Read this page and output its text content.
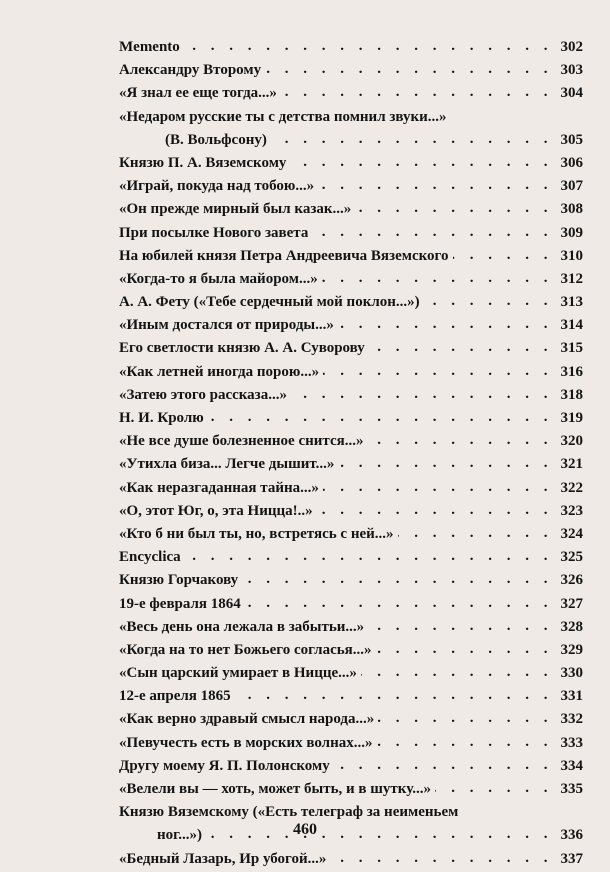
Memento . . .	302
Александру Второму . . .	303
«Я знал ее еще тогда...» . . .	304
«Недаром русские ты с детства помнил звуки...»
(В. Вольфсону) . . .	305
Князю П. А. Вяземскому . . .	306
«Играй, покуда над тобою...» . . .	307
«Он прежде мирный был казак...» . . .	308
При посылке Нового завета . . .	309
На юбилей князя Петра Андреевича Вяземского . . .	310
«Когда-то я была майором...» . . .	312
А. А. Фету («Тебе сердечный мой поклон...») . . .	313
«Иным достался от природы...» . . .	314
Его светлости князю А. А. Суворову . . .	315
«Как летней иногда порою...» . . .	316
«Затею этого рассказа...» . . .	318
Н. И. Кролю . . .	319
«Не все душе болезненное снится...» . . .	320
«Утихла биза... Легче дышит...» . . .	321
«Как неразгаданная тайна...» . . .	322
«О, этот Юг, о, эта Ницца!..» . . .	323
«Кто б ни был ты, но, встретясь с ней...» . . .	324
Encyclica . . .	325
Князю Горчакову . . .	326
19-е февраля 1864 . . .	327
«Весь день она лежала в забытьи...» . . .	328
«Когда на то нет Божьего согласья...» . . .	329
«Сын царский умирает в Ницце...» . . .	330
12-е апреля 1865 . . .	331
«Как верно здравый смысл народа...» . . .	332
«Певучесть есть в морских волнах...» . . .	333
Другу моему Я. П. Полонскому . . .	334
«Велели вы — хоть, может быть, и в шутку...» . . .	335
Князю Вяземскому («Есть телеграф за неименьем
ног...») . . .	336
«Бедный Лазарь, Ир убогой...» . . .	337
460
